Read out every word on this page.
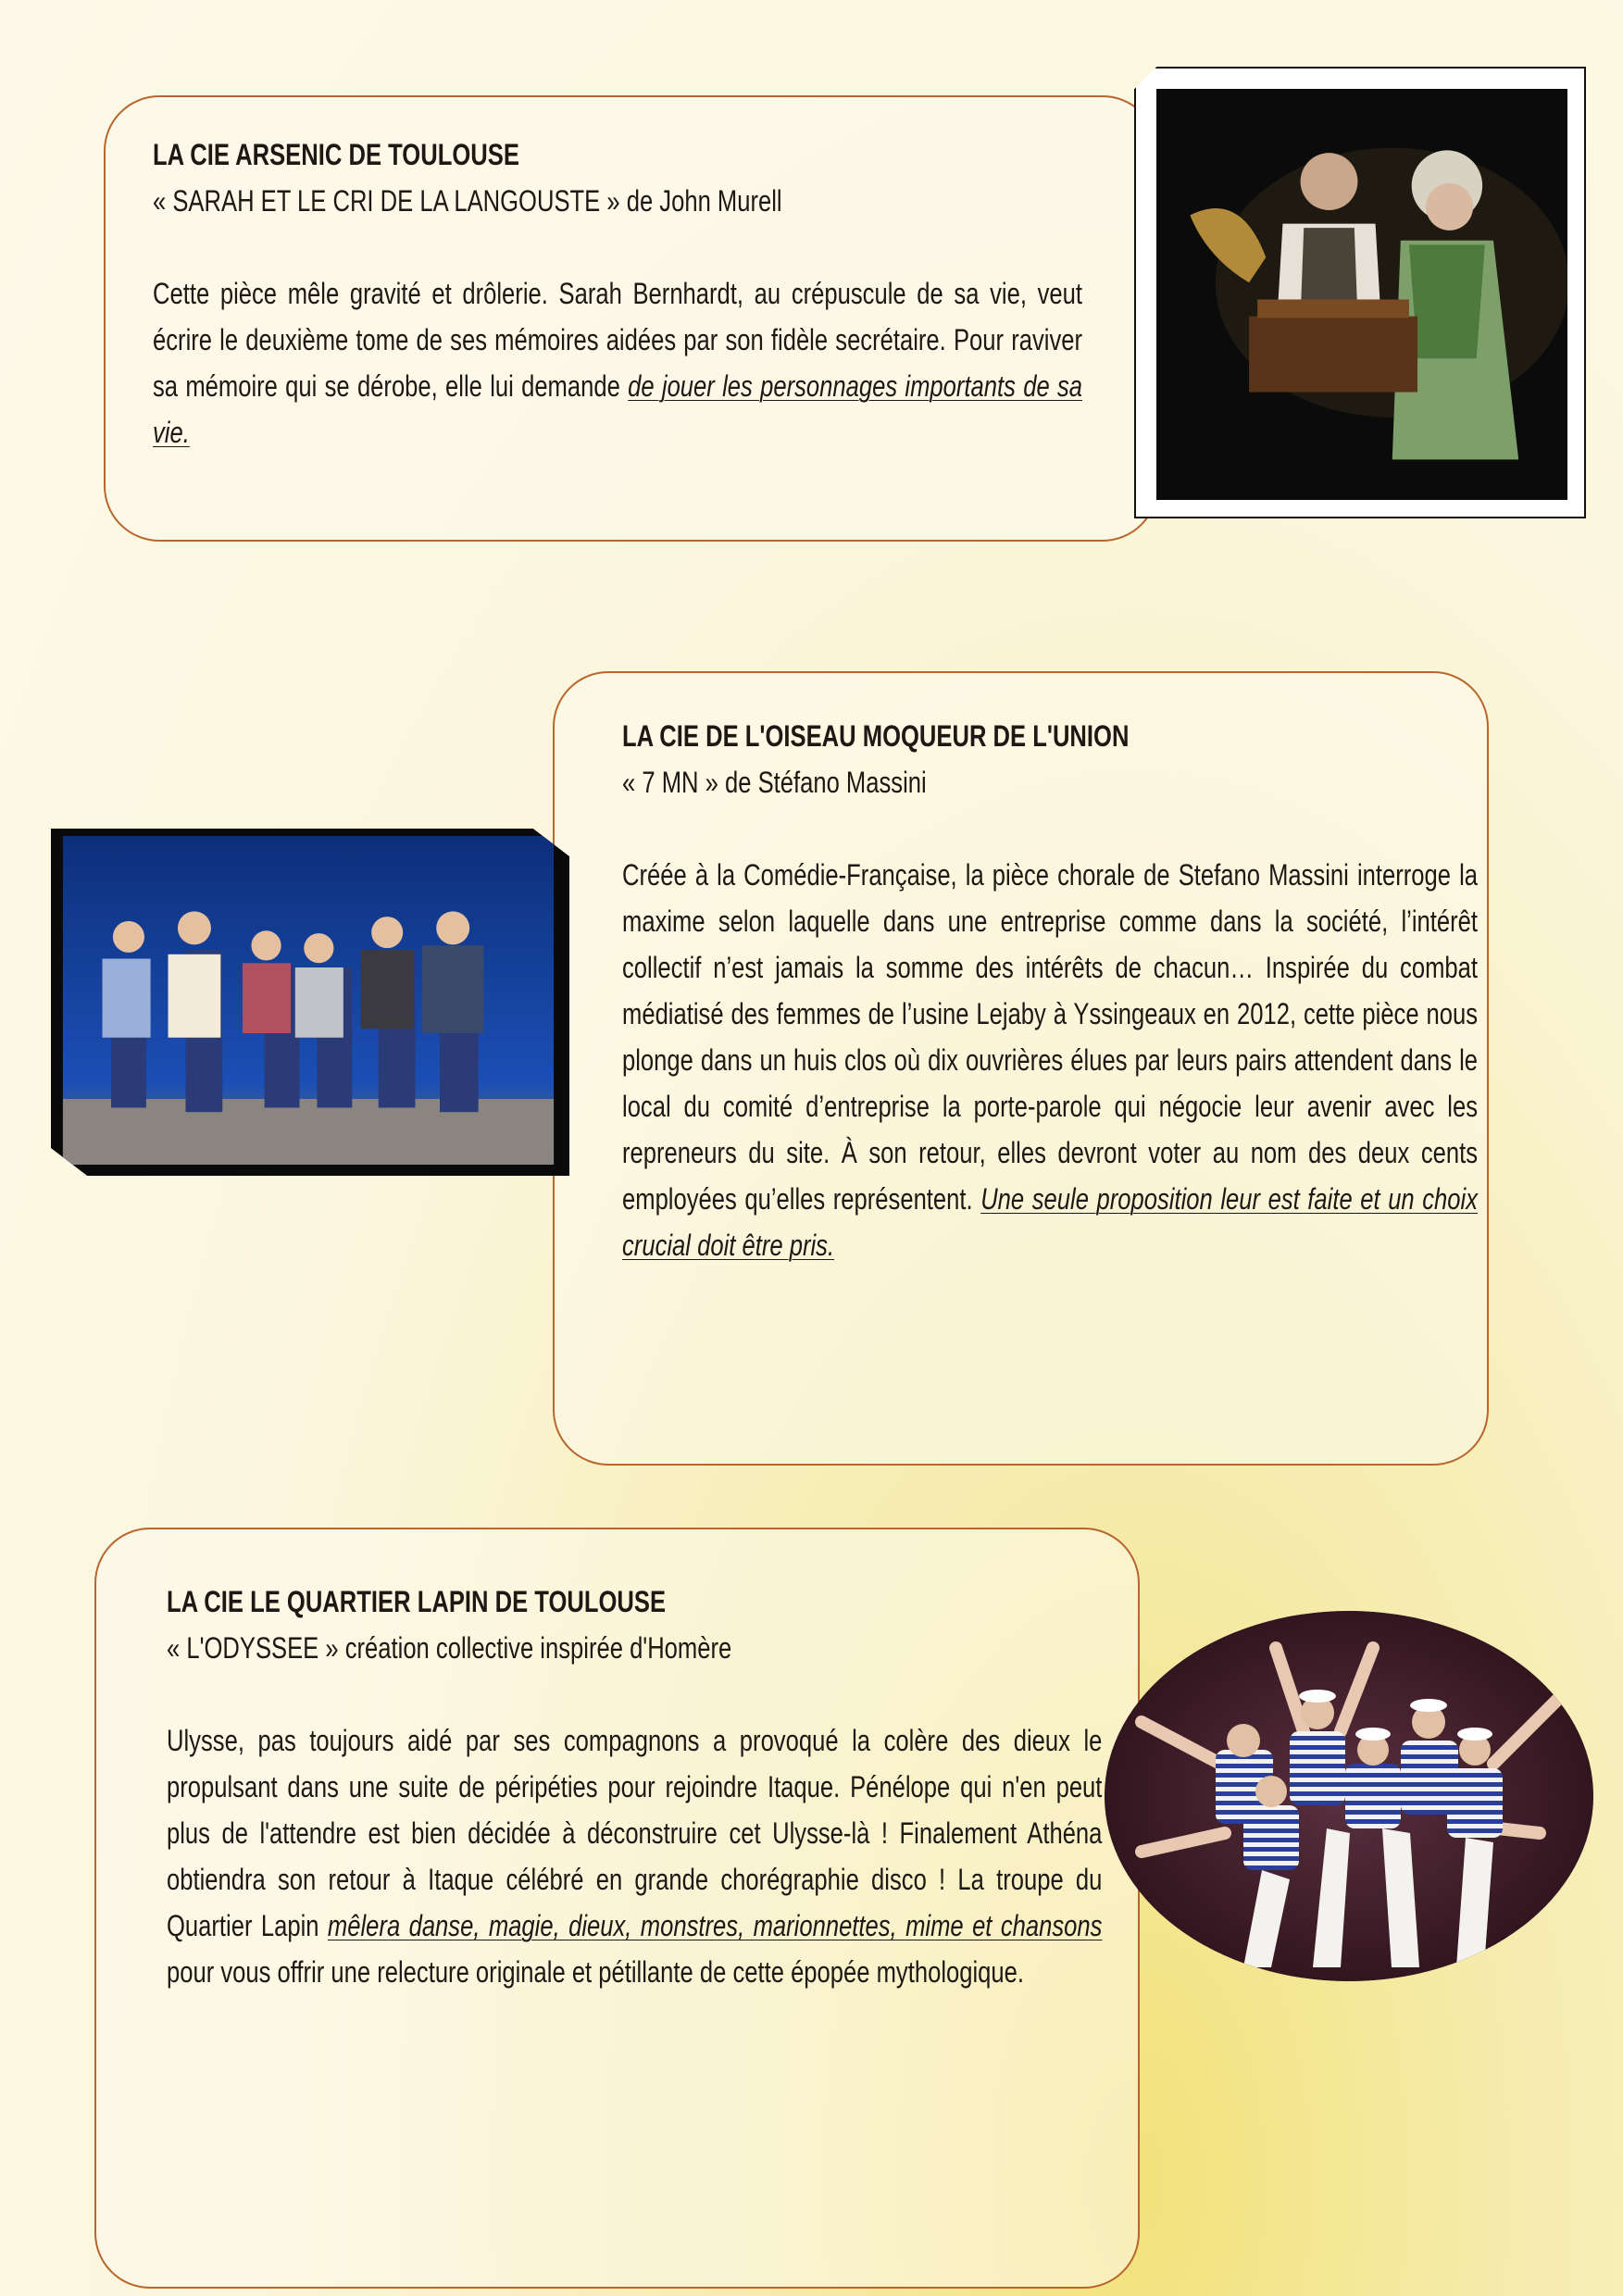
LA CIE ARSENIC DE TOULOUSE

« SARAH ET LE CRI DE LA LANGOUSTE » de John Murell

Cette pièce mêle gravité et drôlerie. Sarah Bernhardt, au crépuscule de sa vie, veut écrire le deuxième tome de ses mémoires aidées par son fidèle secrétaire. Pour raviver sa mémoire qui se dérobe, elle lui demande de jouer les personnages importants de sa vie.

LA CIE DE L'OISEAU MOQUEUR DE L'UNION

« 7 MN » de Stéfano Massini

Créée à la Comédie-Française, la pièce chorale de Stefano Massini interroge la maxime selon laquelle dans une entreprise comme dans la société, l’intérêt collectif n’est jamais la somme des intérêts de chacun… Inspirée du combat médiatisé des femmes de l’usine Lejaby à Yssingeaux en 2012, cette pièce nous plonge dans un huis clos où dix ouvrières élues par leurs pairs attendent dans le local du comité d’entreprise la porte-parole qui négocie leur avenir avec les repreneurs du site. À son retour, elles devront voter au nom des deux cents employées qu’elles représentent. Une seule proposition leur est faite et un choix crucial doit être pris.

LA CIE LE QUARTIER LAPIN DE TOULOUSE

« L'ODYSSEE » création collective inspirée d'Homère

Ulysse, pas toujours aidé par ses compagnons a provoqué la colère des dieux le propulsant dans une suite de péripéties pour rejoindre Itaque. Pénélope qui n'en peut plus de l'attendre est bien décidée à déconstruire cet Ulysse-là ! Finalement Athéna obtiendra son retour à Itaque célébré en grande chorégraphie disco ! La troupe du Quartier Lapin mêlera danse, magie, dieux, monstres, marionnettes, mime et chansons pour vous offrir une relecture originale et pétillante de cette épopée mythologique.
